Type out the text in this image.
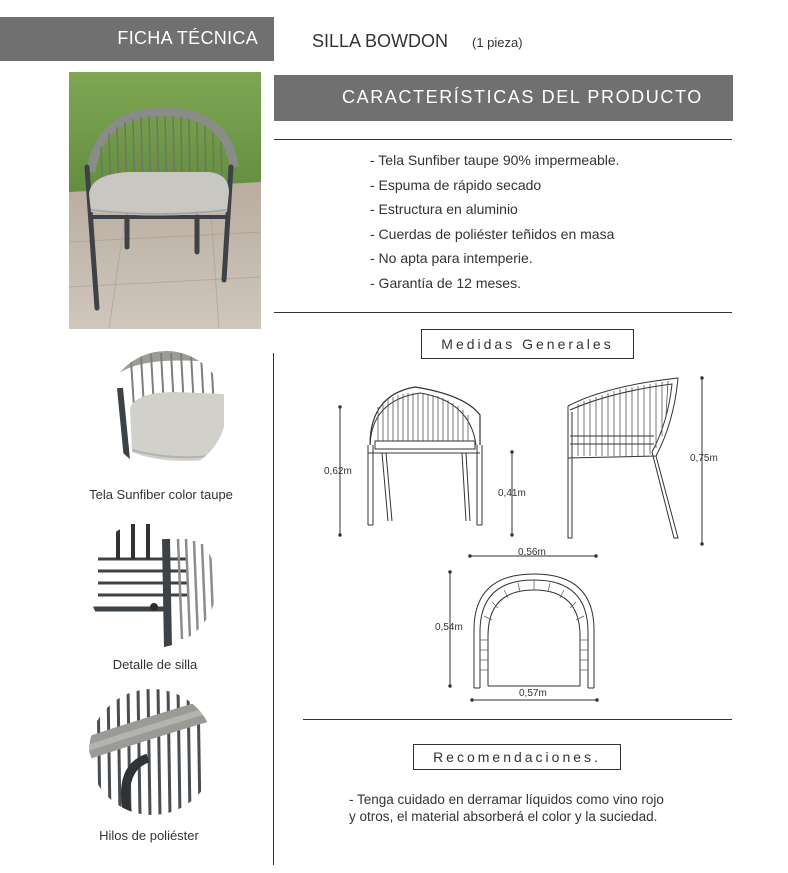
FICHA TÉCNICA	SILLA BOWDON (1 pieza)
CARACTERÍSTICAS DEL PRODUCTO
- Tela Sunfiber taupe 90% impermeable.
- Espuma de rápido secado
- Estructura en aluminio
- Cuerdas de poliéster teñidos en masa
- No apta para intemperie.
- Garantía de 12 meses.
Tela Sunfiber color taupe
Detalle de silla
Hilos de poliéster
Medidas Generales
0,62m
0,41m
0,56m
0,75m
0,54m
0,57m
Recomendaciones.
- Tenga cuidado en derramar líquidos como vino rojo
y otros, el material absorberá el color y la suciedad.
